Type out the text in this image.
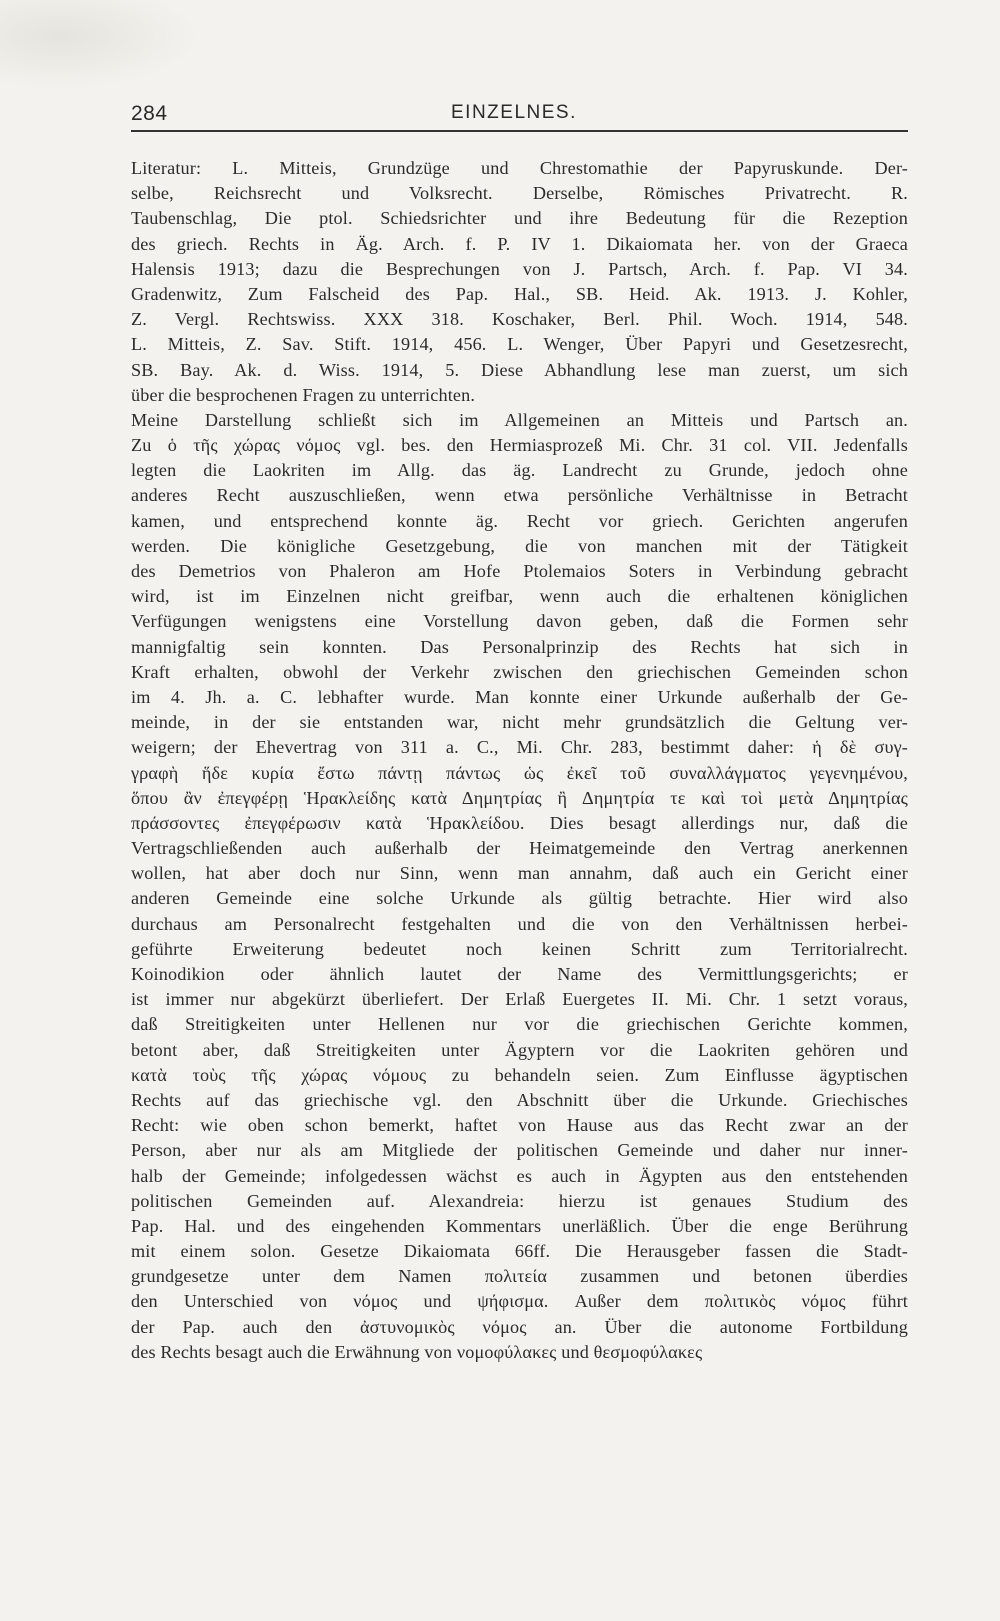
284	EINZELNES.
Literatur: L. Mitteis, Grundzüge und Chrestomathie der Papyruskunde. Der-
selbe, Reichsrecht und Volksrecht. Derselbe, Römisches Privatrecht. R.
Taubenschlag, Die ptol. Schiedsrichter und ihre Bedeutung für die Rezeption
des griech. Rechts in Äg. Arch. f. P. IV 1. Dikaiomata her. von der Graeca
Halensis 1913; dazu die Besprechungen von J. Partsch, Arch. f. Pap. VI 34.
Gradenwitz, Zum Falscheid des Pap. Hal., SB. Heid. Ak. 1913. J. Kohler,
Z. Vergl. Rechtswiss. XXX 318. Koschaker, Berl. Phil. Woch. 1914, 548.
L. Mitteis, Z. Sav. Stift. 1914, 456. L. Wenger, Über Papyri und Gesetzesrecht,
SB. Bay. Ak. d. Wiss. 1914, 5. Diese Abhandlung lese man zuerst, um sich
über die besprochenen Fragen zu unterrichten.
Meine Darstellung schließt sich im Allgemeinen an Mitteis und Partsch an.
Zu ὁ τῆς χώρας νόμος vgl. bes. den Hermiasprozeß Mi. Chr. 31 col. VII. Jedenfalls
legten die Laokriten im Allg. das äg. Landrecht zu Grunde, jedoch ohne
anderes Recht auszuschließen, wenn etwa persönliche Verhältnisse in Betracht
kamen, und entsprechend konnte äg. Recht vor griech. Gerichten angerufen
werden. Die königliche Gesetzgebung, die von manchen mit der Tätigkeit
des Demetrios von Phaleron am Hofe Ptolemaios Soters in Verbindung gebracht
wird, ist im Einzelnen nicht greifbar, wenn auch die erhaltenen königlichen
Verfügungen wenigstens eine Vorstellung davon geben, daß die Formen sehr
mannigfaltig sein konnten. Das Personalprinzip des Rechts hat sich in
Kraft erhalten, obwohl der Verkehr zwischen den griechischen Gemeinden schon
im 4. Jh. a. C. lebhafter wurde. Man konnte einer Urkunde außerhalb der Ge-
meinde, in der sie entstanden war, nicht mehr grundsätzlich die Geltung ver-
weigern; der Ehevertrag von 311 a. C., Mi. Chr. 283, bestimmt daher: ἡ δὲ συγ-
γραφὴ ἥδε κυρία ἔστω πάντῃ πάντως ὡς ἐκεῖ τοῦ συναλλάγματος γεγενημένου,
ὅπου ἂν ἐπεγφέρῃ Ἡρακλείδης κατὰ Δημητρίας ἢ Δημητρία τε καὶ τοὶ μετὰ Δημητρίας
πράσσοντες ἐπεγφέρωσιν κατὰ Ἡρακλείδου. Dies besagt allerdings nur, daß die
Vertragschließenden auch außerhalb der Heimatgemeinde den Vertrag anerkennen
wollen, hat aber doch nur Sinn, wenn man annahm, daß auch ein Gericht einer
anderen Gemeinde eine solche Urkunde als gültig betrachte. Hier wird also
durchaus am Personalrecht festgehalten und die von den Verhältnissen herbei-
geführte Erweiterung bedeutet noch keinen Schritt zum Territorialrecht.
Koinodikion oder ähnlich lautet der Name des Vermittlungsgerichts; er
ist immer nur abgekürzt überliefert. Der Erlaß Euergetes II. Mi. Chr. 1 setzt voraus,
daß Streitigkeiten unter Hellenen nur vor die griechischen Gerichte kommen,
betont aber, daß Streitigkeiten unter Ägyptern vor die Laokriten gehören und
κατὰ τοὺς τῆς χώρας νόμους zu behandeln seien. Zum Einflusse ägyptischen
Rechts auf das griechische vgl. den Abschnitt über die Urkunde. Griechisches
Recht: wie oben schon bemerkt, haftet von Hause aus das Recht zwar an der
Person, aber nur als am Mitgliede der politischen Gemeinde und daher nur inner-
halb der Gemeinde; infolgedessen wächst es auch in Ägypten aus den entstehenden
politischen Gemeinden auf. Alexandreia: hierzu ist genaues Studium des
Pap. Hal. und des eingehenden Kommentars unerläßlich. Über die enge Berührung
mit einem solon. Gesetze Dikaiomata 66ff. Die Herausgeber fassen die Stadt-
grundgesetze unter dem Namen πολιτεία zusammen und betonen überdies
den Unterschied von νόμος und ψήφισμα. Außer dem πολιτικὸς νόμος führt
der Pap. auch den ἀστυνομικὸς νόμος an. Über die autonome Fortbildung
des Rechts besagt auch die Erwähnung von νομοφύλακες und θεσμοφύλακες
